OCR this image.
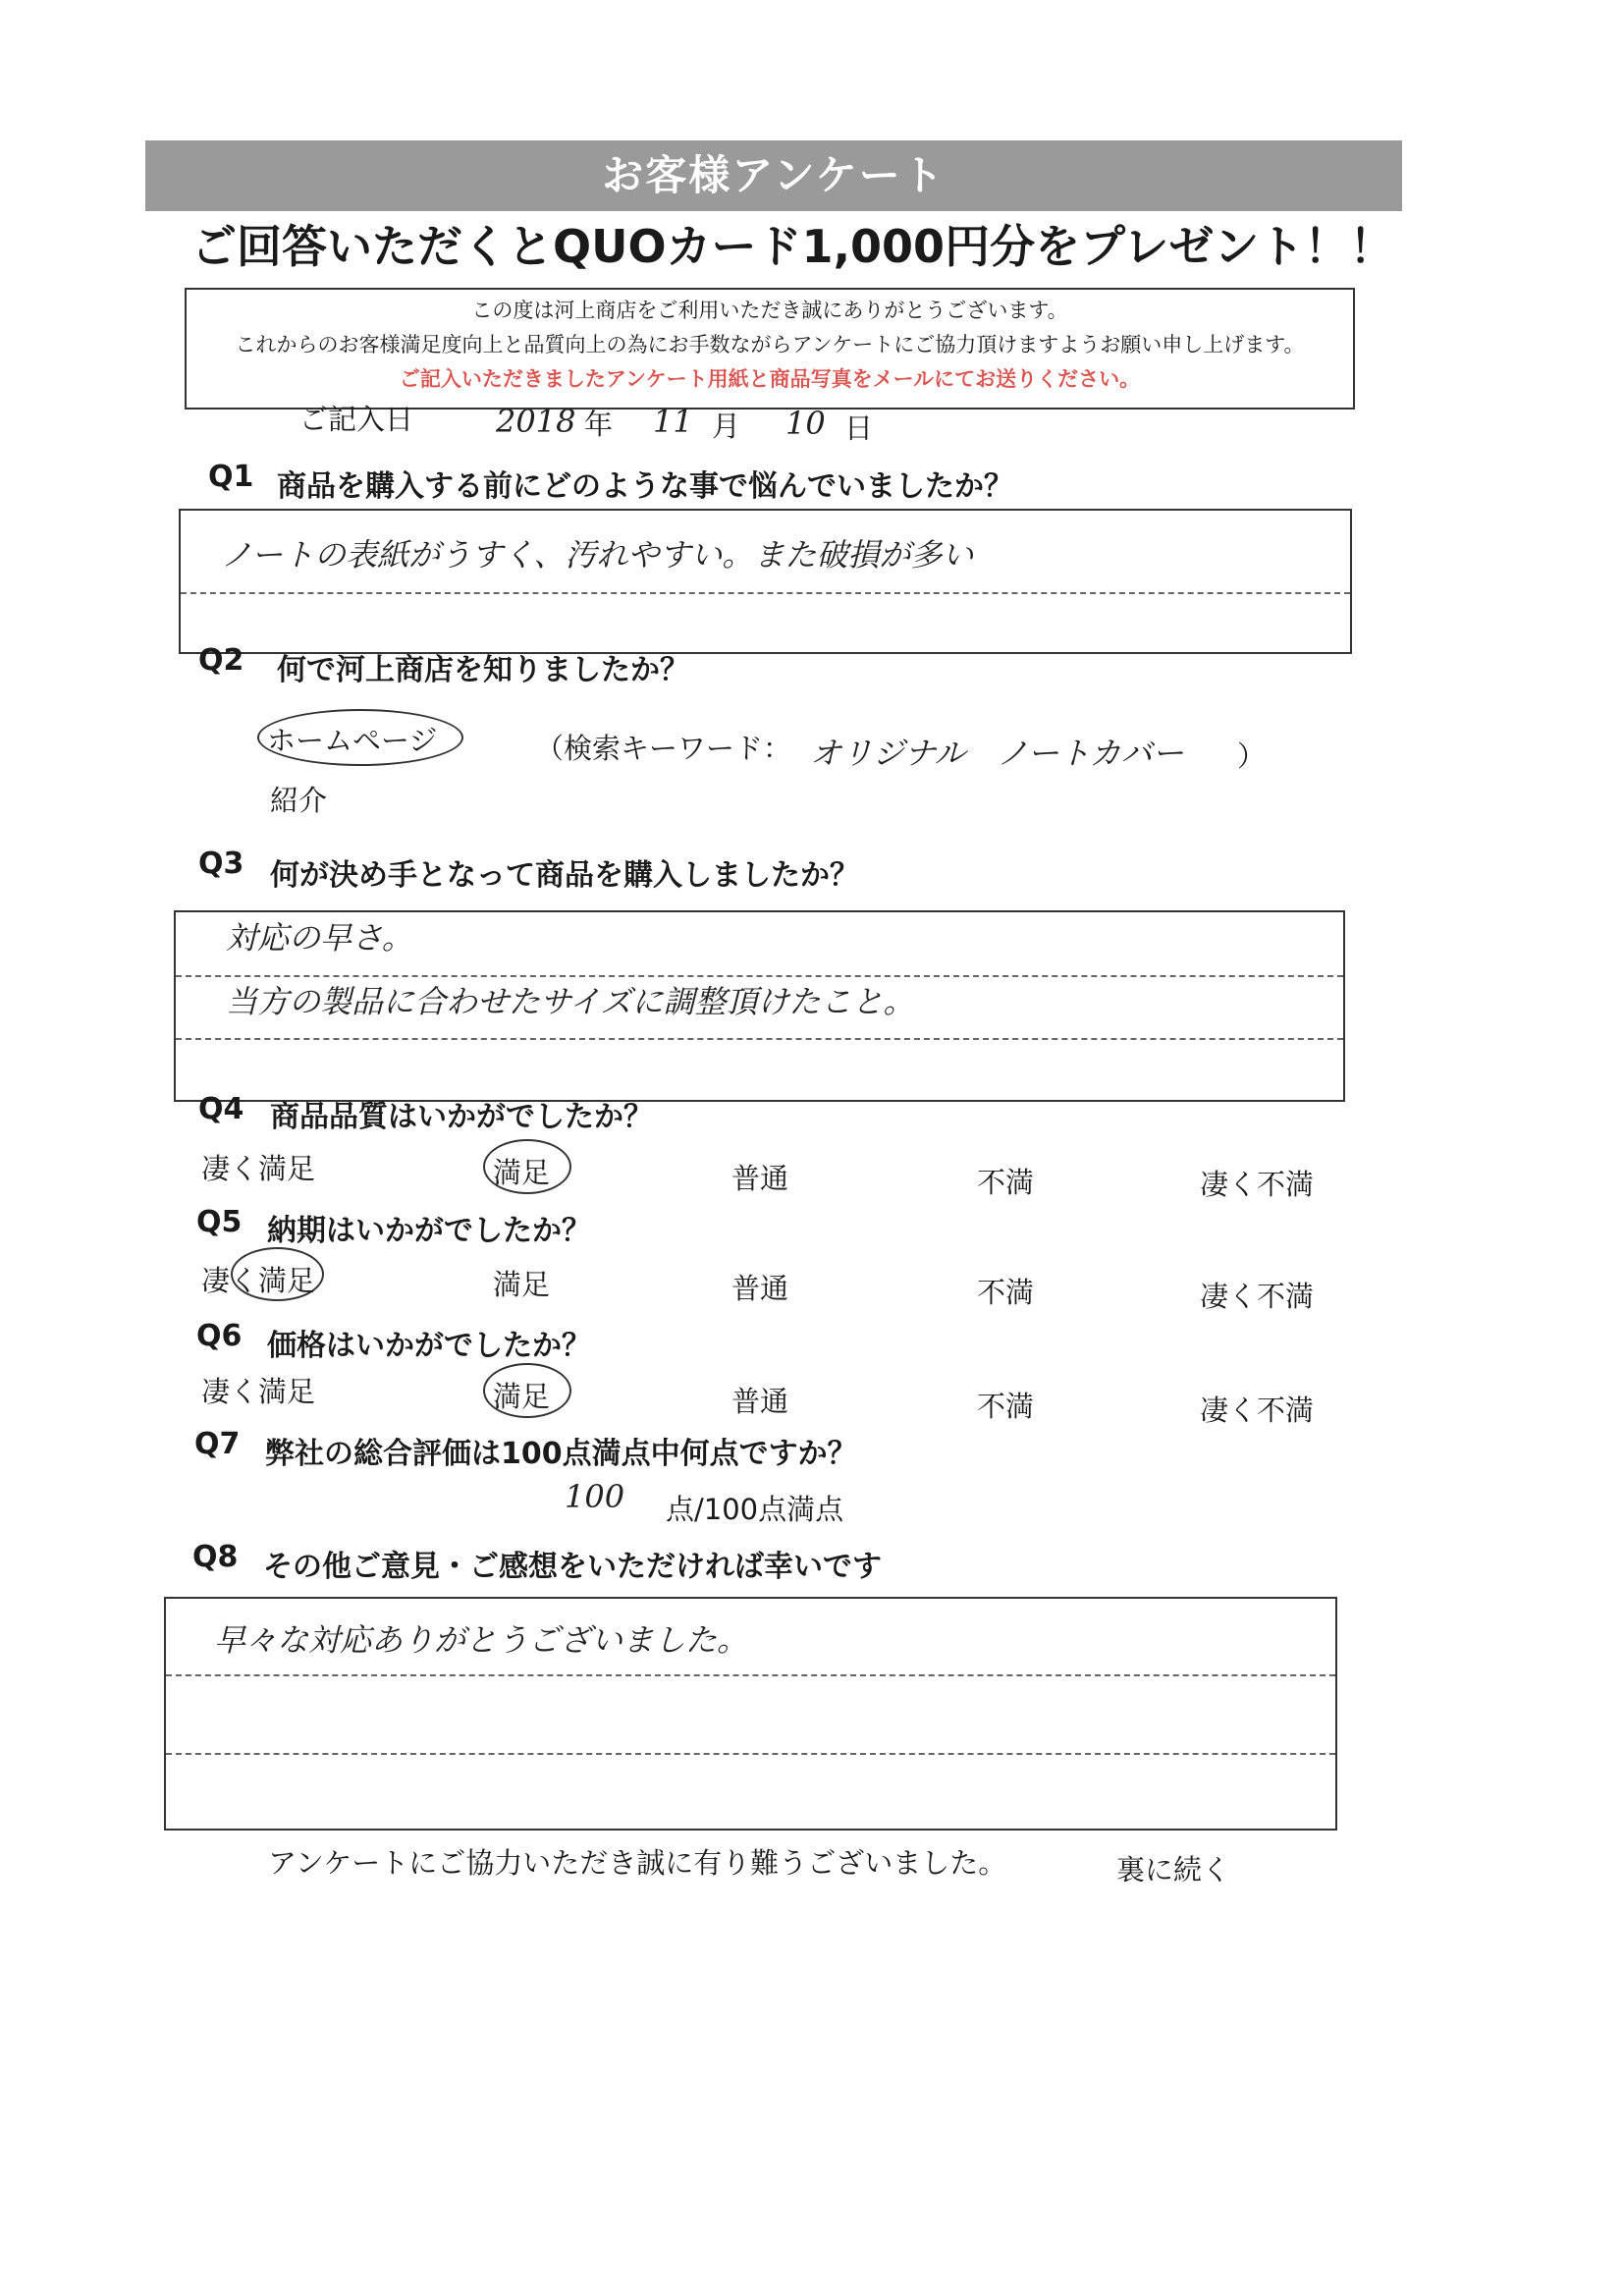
お客様アンケート
ご回答いただくとQUOカード1,000円分をプレゼント！！
この度は河上商店をご利用いただき誠にありがとうございます。
これからのお客様満足度向上と品質向上の為にお手数ながらアンケートにご協力頂けますようお願い申し上げます。
ご記入いただきましたアンケート用紙と商品写真をメールにてお送りください。
ご記入日	2018 年 11 月 10 日
Q1 商品を購入する前にどのような事で悩んでいましたか？
ノートの表紙がうすく、汚れやすい。また破損が多い
Q2 何で河上商店を知りましたか？
ホームページ	（検索キーワード： オリジナル　ノートカバー ）
紹介
Q3 何が決め手となって商品を購入しましたか？
対応の早さ。
当方の製品に合わせたサイズに調整頂けたこと。
Q4 商品品質はいかがでしたか？
凄く満足	満足	普通	不満	凄く不満
Q5 納期はいかがでしたか？
凄く満足	満足	普通	不満	凄く不満
Q6 価格はいかがでしたか？
凄く満足	満足	普通	不満	凄く不満
Q7 弊社の総合評価は100点満点中何点ですか？
100 点/100点満点
Q8 その他ご意見・ご感想をいただければ幸いです
早々な対応ありがとうございました。
アンケートにご協力いただき誠に有り難うございました。	裏に続く
